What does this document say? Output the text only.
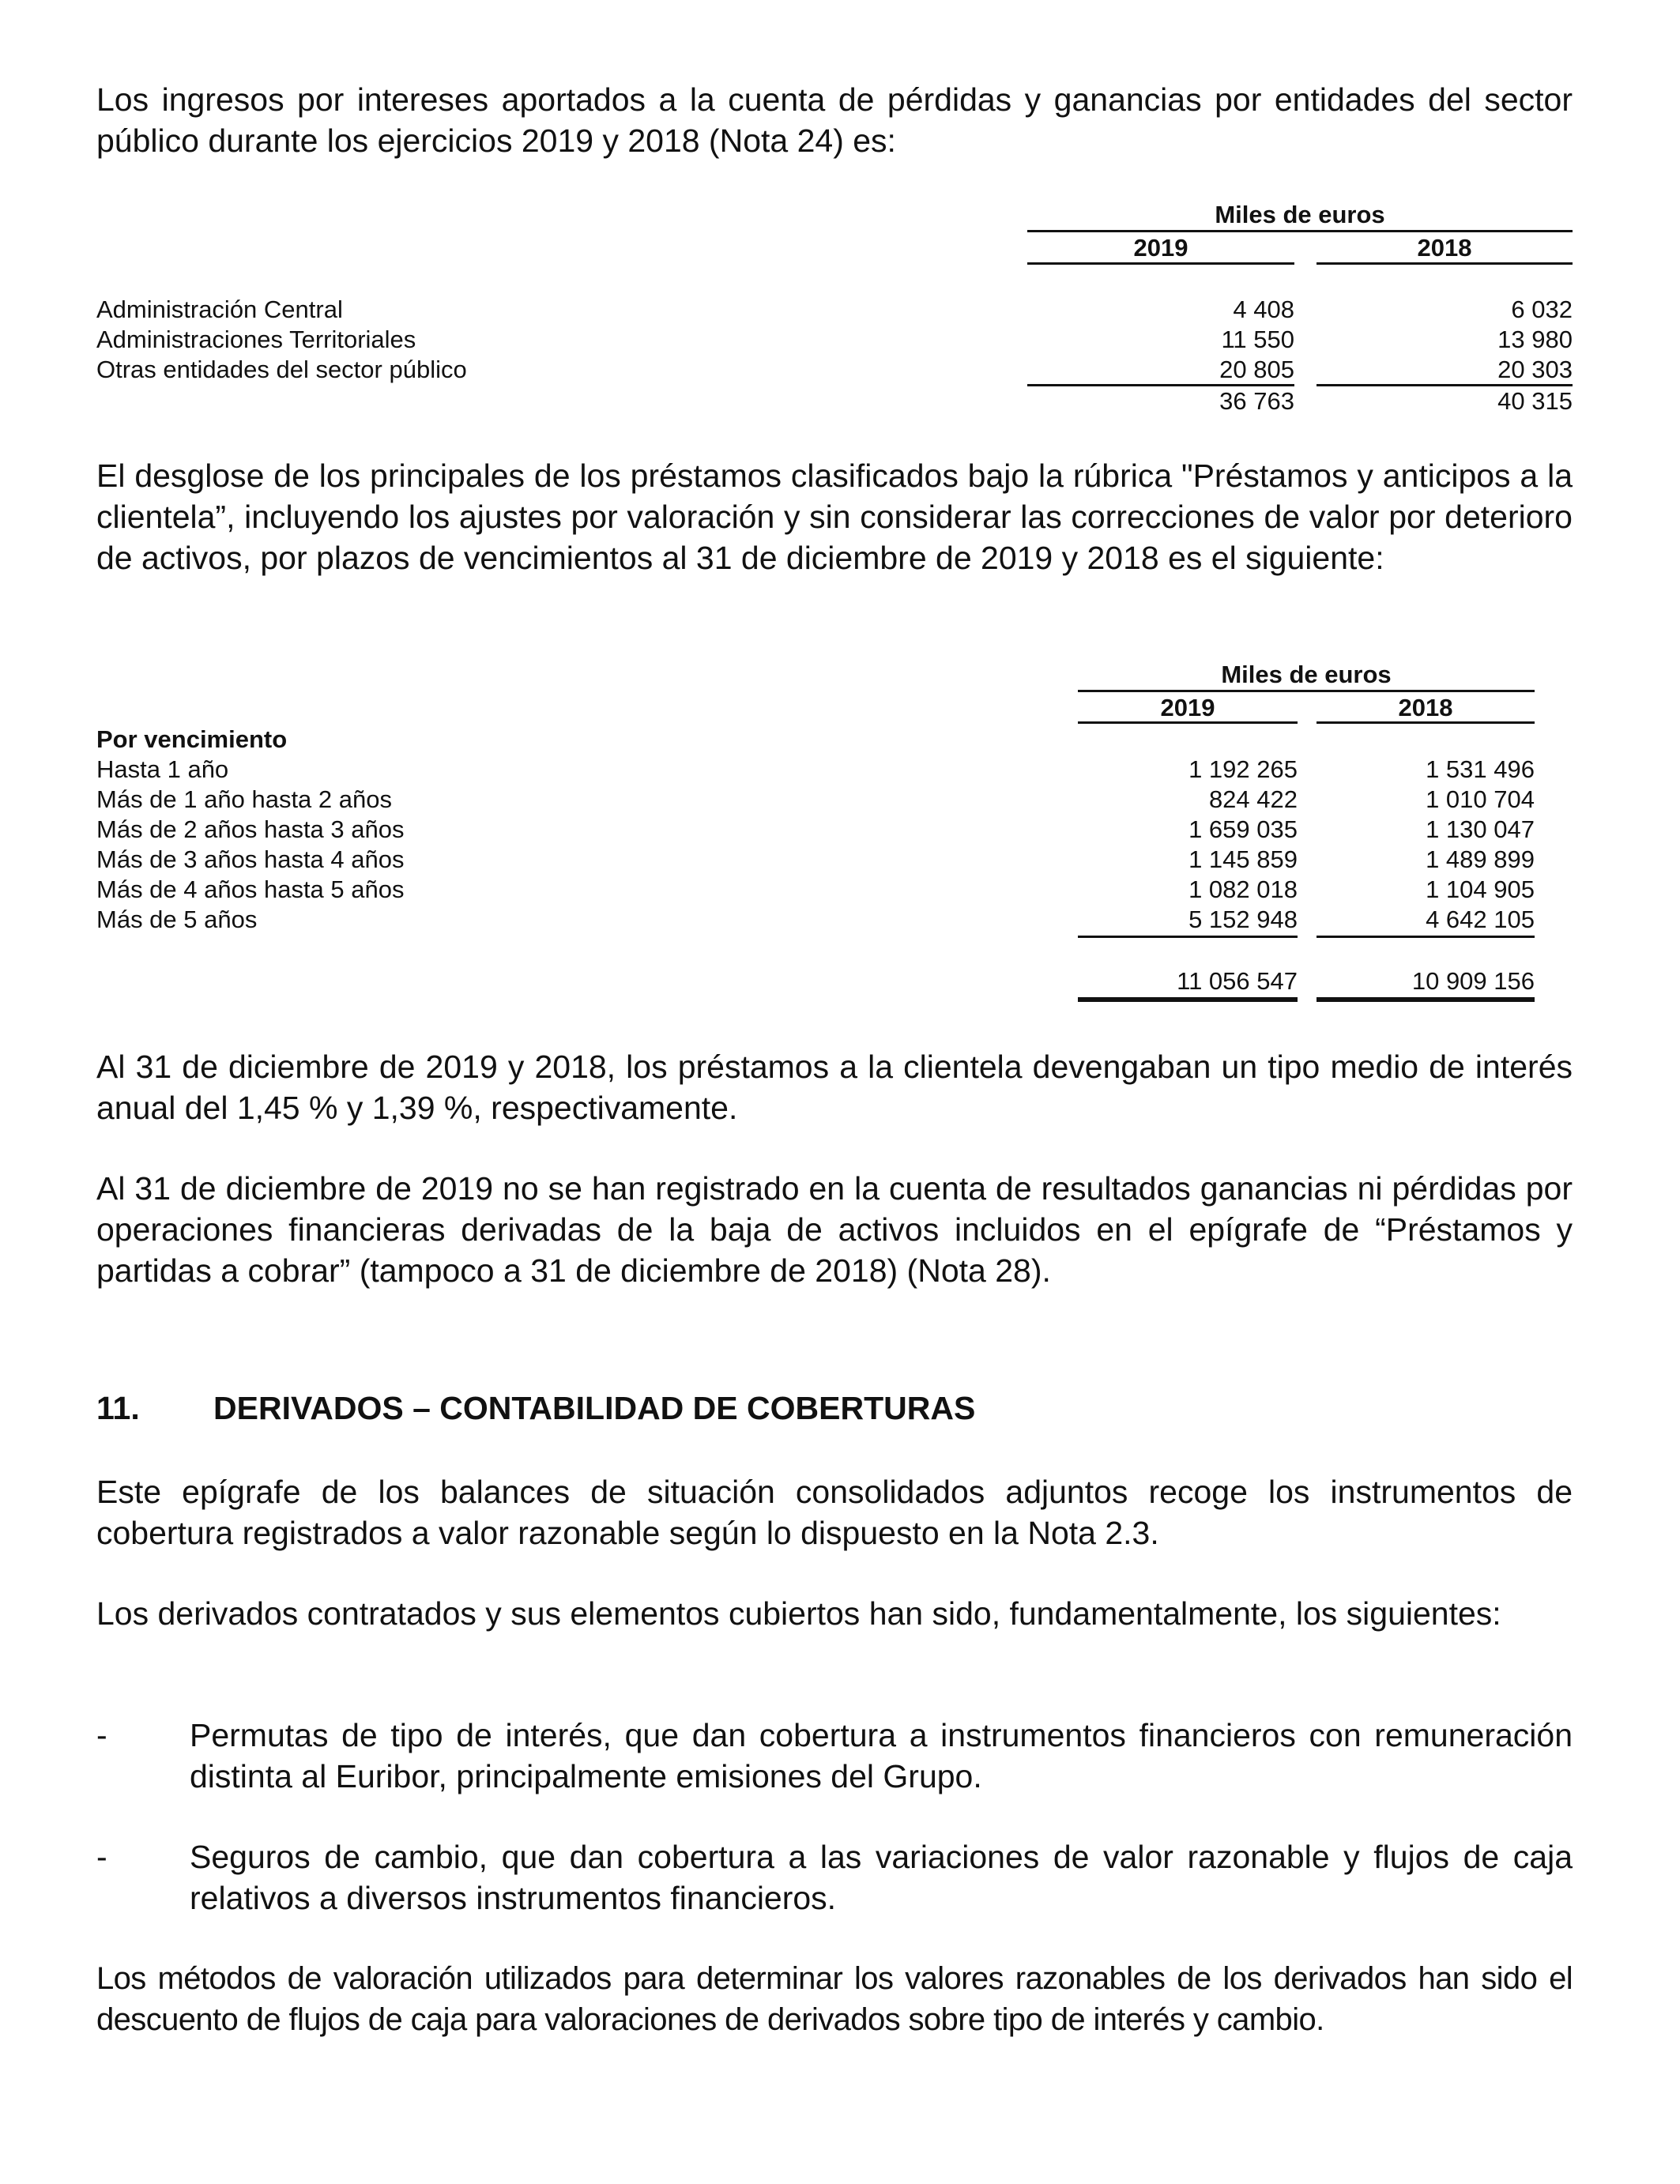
Los ingresos por intereses aportados a la cuenta de pérdidas y ganancias por entidades del sector público durante los ejercicios 2019 y 2018 (Nota 24) es:

Miles de euros
2019	2018
Administración Central	4 408	6 032
Administraciones Territoriales	11 550	13 980
Otras entidades del sector público	20 805	20 303
36 763	40 315

El desglose de los principales de los préstamos clasificados bajo la rúbrica "Préstamos y anticipos a la clientela”, incluyendo los ajustes por valoración y sin considerar las correcciones de valor por deterioro de activos, por plazos de vencimientos al 31 de diciembre de 2019 y 2018 es el siguiente:

Miles de euros
2019	2018
Por vencimiento
Hasta 1 año	1 192 265	1 531 496
Más de 1 año hasta 2 años	824 422	1 010 704
Más de 2 años hasta 3 años	1 659 035	1 130 047
Más de 3 años hasta 4 años	1 145 859	1 489 899
Más de 4 años hasta 5 años	1 082 018	1 104 905
Más de 5 años	5 152 948	4 642 105
11 056 547	10 909 156

Al 31 de diciembre de 2019 y 2018, los préstamos a la clientela devengaban un tipo medio de interés anual del 1,45 % y 1,39 %, respectivamente.

Al 31 de diciembre de 2019 no se han registrado en la cuenta de resultados ganancias ni pérdidas por operaciones financieras derivadas de la baja de activos incluidos en el epígrafe de “Préstamos y partidas a cobrar” (tampoco a 31 de diciembre de 2018) (Nota 28).

11. DERIVADOS – CONTABILIDAD DE COBERTURAS

Este epígrafe de los balances de situación consolidados adjuntos recoge los instrumentos de cobertura registrados a valor razonable según lo dispuesto en la Nota 2.3.

Los derivados contratados y sus elementos cubiertos han sido, fundamentalmente, los siguientes:

-	Permutas de tipo de interés, que dan cobertura a instrumentos financieros con remuneración distinta al Euribor, principalmente emisiones del Grupo.
-	Seguros de cambio, que dan cobertura a las variaciones de valor razonable y flujos de caja relativos a diversos instrumentos financieros.

Los métodos de valoración utilizados para determinar los valores razonables de los derivados han sido el descuento de flujos de caja para valoraciones de derivados sobre tipo de interés y cambio.
